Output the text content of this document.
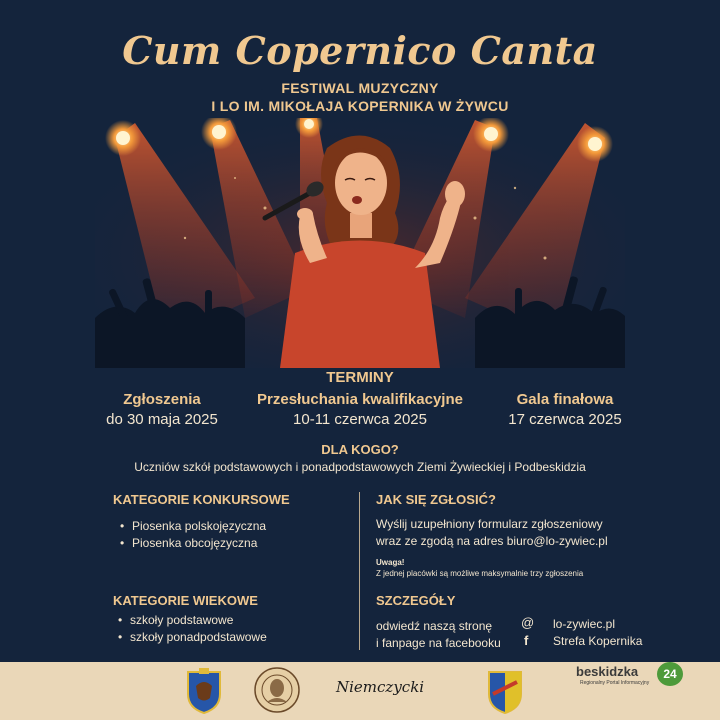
Cum Copernico Canta
FESTIWAL MUZYCZNY
I LO IM. MIKOŁAJA KOPERNIKA W ŻYWCU
TERMINY
Zgłoszenia
do 30 maja 2025
Przesłuchania kwalifikacyjne
10-11 czerwca 2025
Gala finałowa
17 czerwca 2025
DLA KOGO?
Uczniów szkół podstawowych i ponadpodstawowych Ziemi Żywieckiej i Podbeskidzia
KATEGORIE KONKURSOWE
• Piosenka polskojęzyczna
• Piosenka obcojęzyczna
KATEGORIE WIEKOWE
• szkoły podstawowe
• szkoły ponadpodstawowe
JAK SIĘ ZGŁOSIĆ?
Wyślij uzupełniony formularz zgłoszeniowy
wraz ze zgodą na adres biuro@lo-zywiec.pl
Uwaga!
Z jednej placówki są możliwe maksymalnie trzy zgłoszenia
SZCZEGÓŁY
odwiedź naszą stronę
i fanpage na facebooku
@
f
lo-zywiec.pl
Strefa Kopernika
Niemczycki
beskidzka	24
Regionalny Portal Informacyjny
